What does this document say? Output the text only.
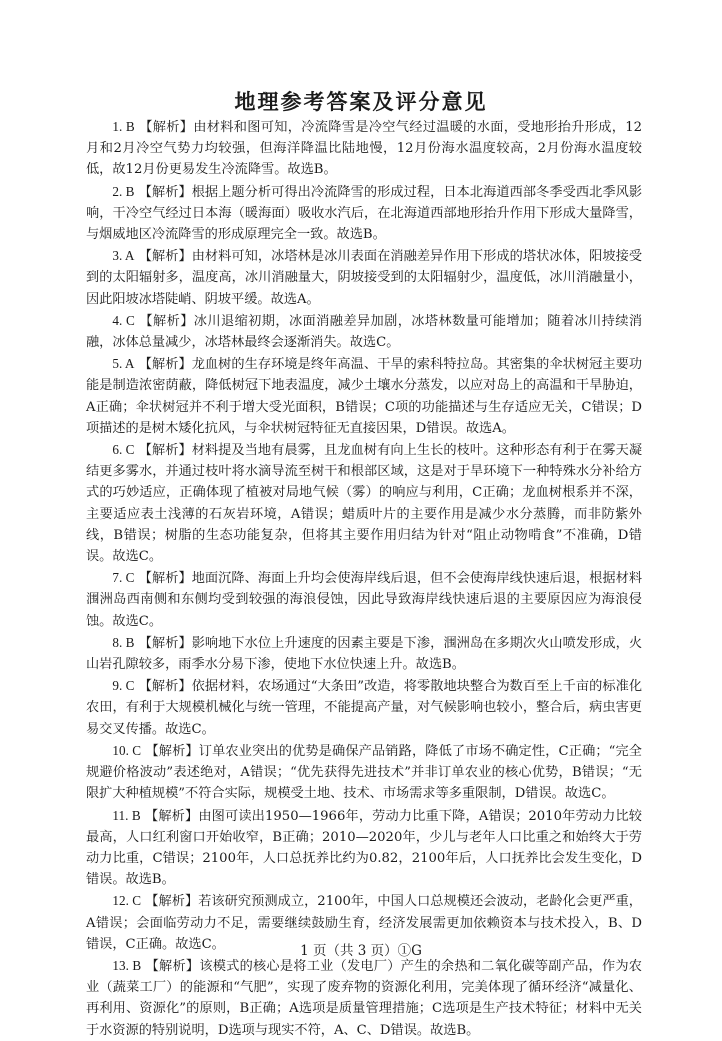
地理参考答案及评分意见

1. B 【解析】由材料和图可知，冷流降雪是冷空气经过温暖的水面，受地形抬升形成，12月和2月冷空气势力均较强，但海洋降温比陆地慢，12月份海水温度较高，2月份海水温度较低，故12月份更易发生冷流降雪。故选B。

2. B 【解析】根据上题分析可得出冷流降雪的形成过程，日本北海道西部冬季受西北季风影响，干冷空气经过日本海（暖海面）吸收水汽后，在北海道西部地形抬升作用下形成大量降雪，与烟威地区冷流降雪的形成原理完全一致。故选B。

3. A 【解析】由材料可知，冰塔林是冰川表面在消融差异作用下形成的塔状冰体，阳坡接受到的太阳辐射多，温度高，冰川消融量大，阴坡接受到的太阳辐射少，温度低，冰川消融量小，因此阳坡冰塔陡峭、阴坡平缓。故选A。

4. C 【解析】冰川退缩初期，冰面消融差异加剧，冰塔林数量可能增加；随着冰川持续消融，冰体总量减少，冰塔林最终会逐渐消失。故选C。

5. A 【解析】龙血树的生存环境是终年高温、干旱的索科特拉岛。其密集的伞状树冠主要功能是制造浓密荫蔽，降低树冠下地表温度，减少土壤水分蒸发，以应对岛上的高温和干旱胁迫，A正确；伞状树冠并不利于增大受光面积，B错误；C项的功能描述与生存适应无关，C错误；D项描述的是树木矮化抗风，与伞状树冠特征无直接因果，D错误。故选A。

6. C 【解析】材料提及当地有晨雾，且龙血树有向上生长的枝叶。这种形态有利于在雾天凝结更多雾水，并通过枝叶将水滴导流至树干和根部区域，这是对于旱环境下一种特殊水分补给方式的巧妙适应，正确体现了植被对局地气候（雾）的响应与利用，C正确；龙血树根系并不深，主要适应表土浅薄的石灰岩环境，A错误；蜡质叶片的主要作用是减少水分蒸腾，而非防紫外线，B错误；树脂的生态功能复杂，但将其主要作用归结为针对“阻止动物啃食”不准确，D错误。故选C。

7. C 【解析】地面沉降、海面上升均会使海岸线后退，但不会使海岸线快速后退，根据材料涠洲岛西南侧和东侧均受到较强的海浪侵蚀，因此导致海岸线快速后退的主要原因应为海浪侵蚀。故选C。

8. B 【解析】影响地下水位上升速度的因素主要是下渗，涠洲岛在多期次火山喷发形成，火山岩孔隙较多，雨季水分易下渗，使地下水位快速上升。故选B。

9. C 【解析】依据材料，农场通过“大条田”改造，将零散地块整合为数百至上千亩的标准化农田，有利于大规模机械化与统一管理，不能提高产量，对气候影响也较小，整合后，病虫害更易交叉传播。故选C。

10. C 【解析】订单农业突出的优势是确保产品销路，降低了市场不确定性，C正确；“完全规避价格波动”表述绝对，A错误；“优先获得先进技术”并非订单农业的核心优势，B错误；“无限扩大种植规模”不符合实际，规模受土地、技术、市场需求等多重限制，D错误。故选C。

11. B 【解析】由图可读出1950—1966年，劳动力比重下降，A错误；2010年劳动力比较最高，人口红利窗口开始收窄，B正确；2010—2020年，少儿与老年人口比重之和始终大于劳动力比重，C错误；2100年，人口总抚养比约为0.82，2100年后，人口抚养比会发生变化，D错误。故选B。

12. C 【解析】若该研究预测成立，2100年，中国人口总规模还会波动，老龄化会更严重，A错误；会面临劳动力不足，需要继续鼓励生育，经济发展需更加依赖资本与技术投入，B、D错误，C正确。故选C。

13. B 【解析】该模式的核心是将工业（发电厂）产生的余热和二氧化碳等副产品，作为农业（蔬菜工厂）的能源和“气肥”，实现了废弃物的资源化利用，完美体现了循环经济“减量化、再利用、资源化”的原则，B正确；A选项是质量管理措施；C选项是生产技术特征；材料中无关于水资源的特别说明，D选项与现实不符，A、C、D错误。故选B。

1 页（共 3 页）①G
